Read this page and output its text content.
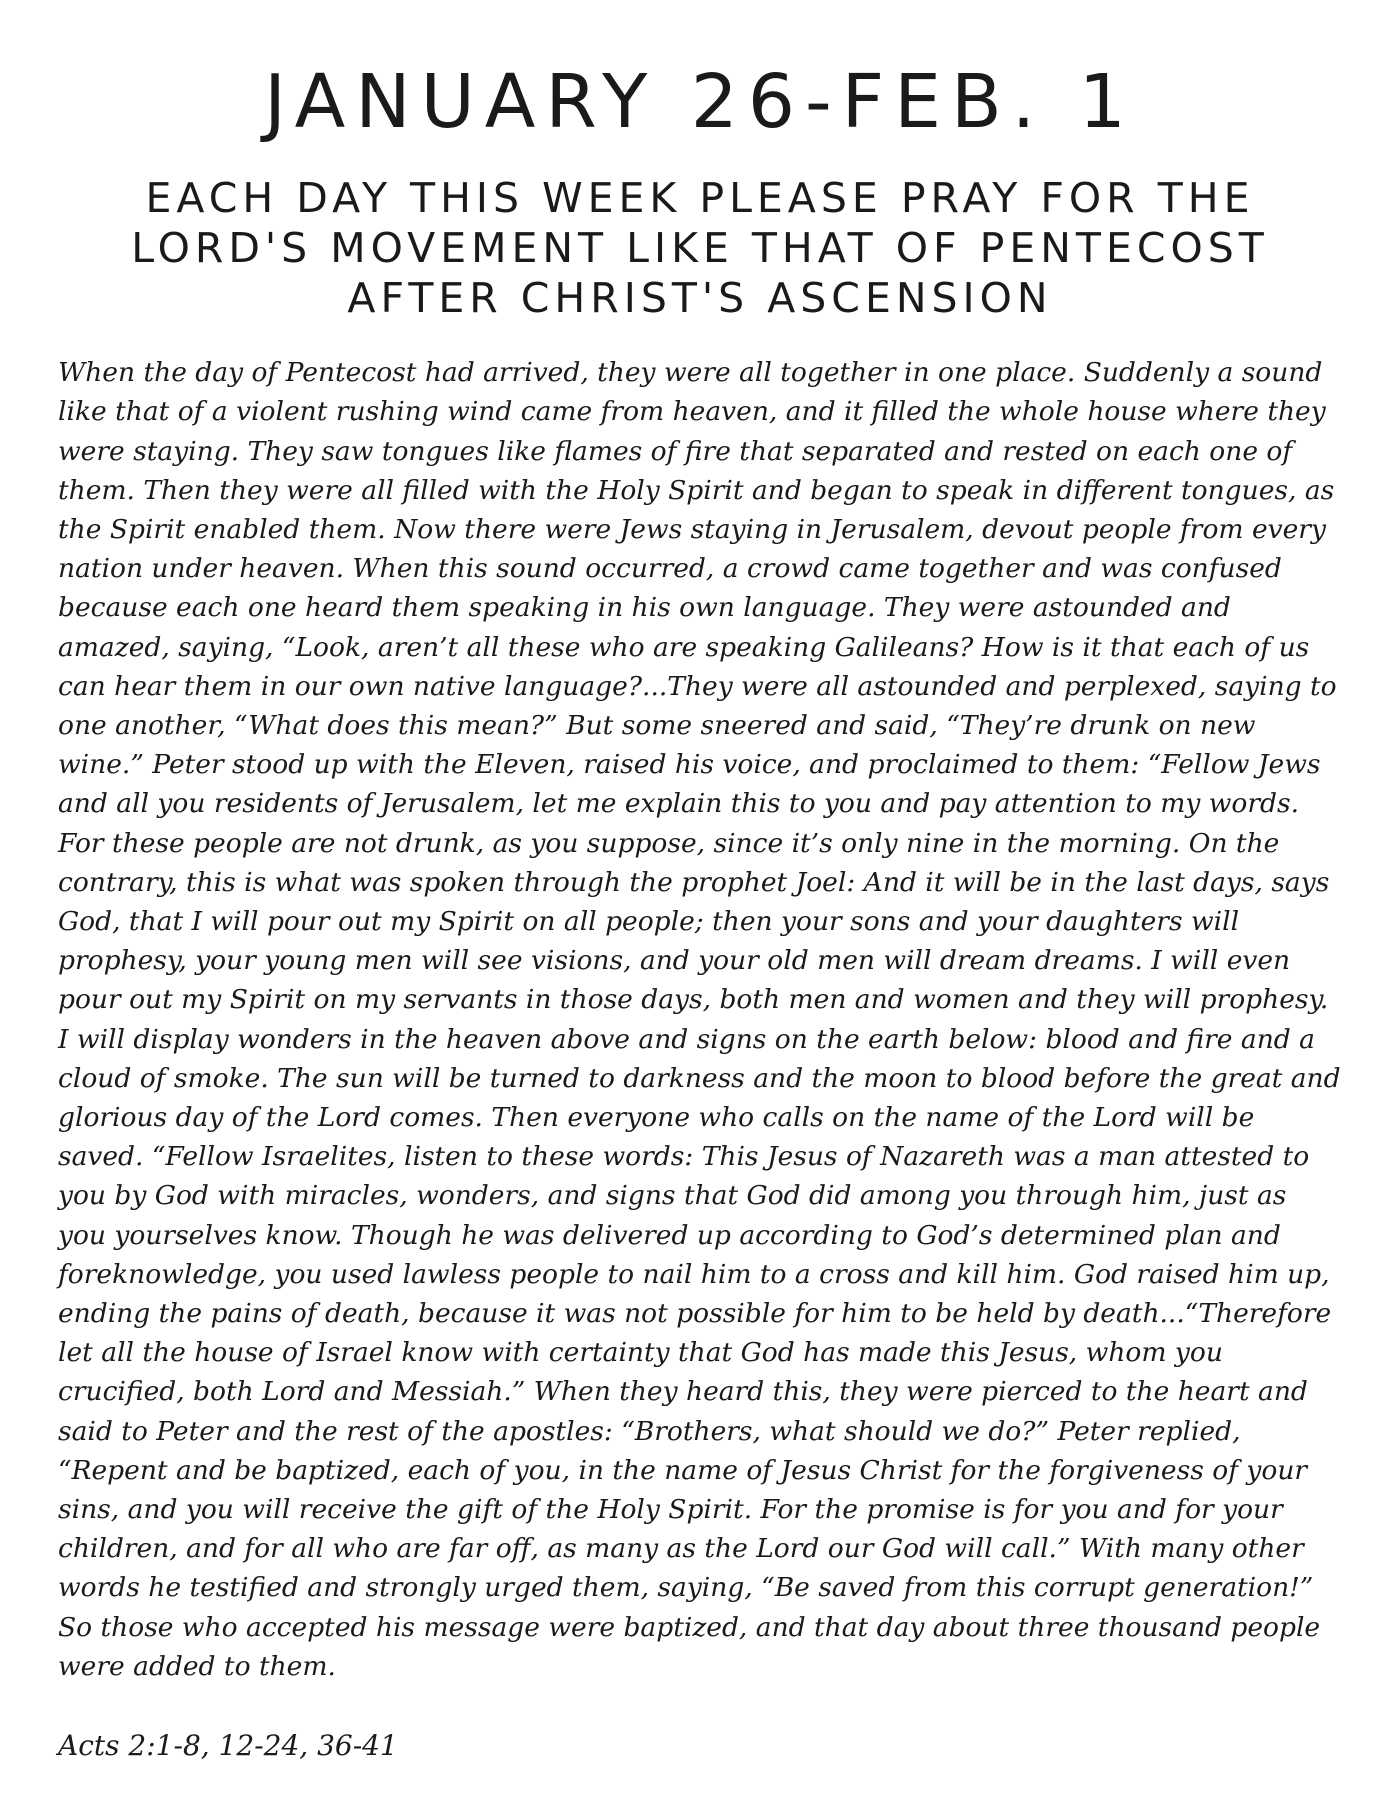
JANUARY 26-FEB. 1
EACH DAY THIS WEEK PLEASE PRAY FOR THE LORD'S MOVEMENT LIKE THAT OF PENTECOST AFTER CHRIST'S ASCENSION

When the day of Pentecost had arrived, they were all together in one place. Suddenly a sound like that of a violent rushing wind came from heaven, and it filled the whole house where they were staying. They saw tongues like flames of fire that separated and rested on each one of them. Then they were all filled with the Holy Spirit and began to speak in different tongues, as the Spirit enabled them. Now there were Jews staying in Jerusalem, devout people from every nation under heaven. When this sound occurred, a crowd came together and was confused because each one heard them speaking in his own language. They were astounded and amazed, saying, “Look, aren’t all these who are speaking Galileans? How is it that each of us can hear them in our own native language?...They were all astounded and perplexed, saying to one another, “What does this mean?” But some sneered and said, “They’re drunk on new wine.” Peter stood up with the Eleven, raised his voice, and proclaimed to them: “Fellow Jews and all you residents of Jerusalem, let me explain this to you and pay attention to my words. For these people are not drunk, as you suppose, since it’s only nine in the morning. On the contrary, this is what was spoken through the prophet Joel: And it will be in the last days, says God, that I will pour out my Spirit on all people; then your sons and your daughters will prophesy, your young men will see visions, and your old men will dream dreams. I will even pour out my Spirit on my servants in those days, both men and women and they will prophesy. I will display wonders in the heaven above and signs on the earth below: blood and fire and a cloud of smoke. The sun will be turned to darkness and the moon to blood before the great and glorious day of the Lord comes. Then everyone who calls on the name of the Lord will be saved. “Fellow Israelites, listen to these words: This Jesus of Nazareth was a man attested to you by God with miracles, wonders, and signs that God did among you through him, just as you yourselves know. Though he was delivered up according to God’s determined plan and foreknowledge, you used lawless people to nail him to a cross and kill him. God raised him up, ending the pains of death, because it was not possible for him to be held by death...“Therefore let all the house of Israel know with certainty that God has made this Jesus, whom you crucified, both Lord and Messiah.” When they heard this, they were pierced to the heart and said to Peter and the rest of the apostles: “Brothers, what should we do?” Peter replied, “Repent and be baptized, each of you, in the name of Jesus Christ for the forgiveness of your sins, and you will receive the gift of the Holy Spirit. For the promise is for you and for your children, and for all who are far off, as many as the Lord our God will call.” With many other words he testified and strongly urged them, saying, “Be saved from this corrupt generation!” So those who accepted his message were baptized, and that day about three thousand people were added to them.

Acts 2:1-8, 12-24, 36-41
